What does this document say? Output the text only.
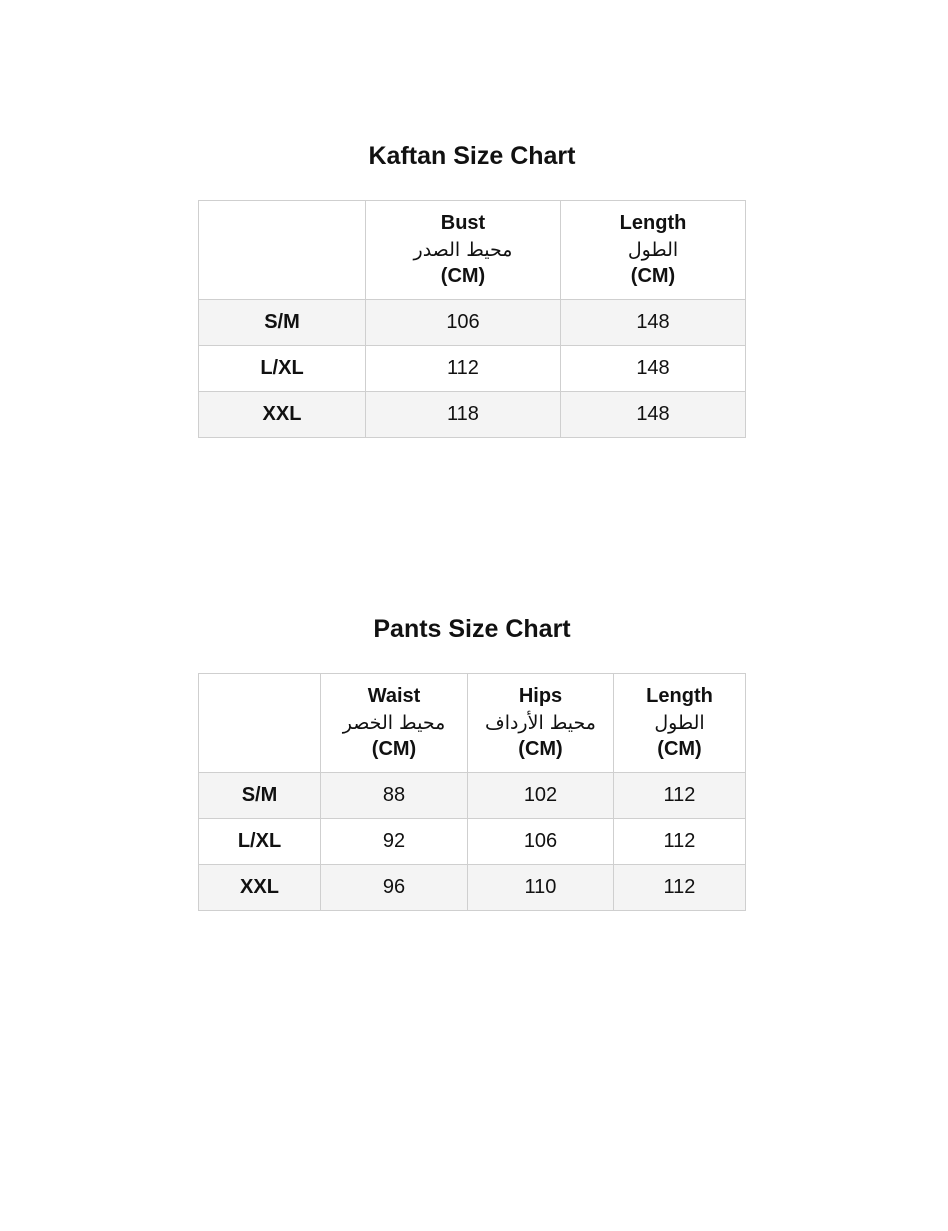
Kaftan Size Chart

	Bust
محيط الصدر
(CM)	Length
الطول
(CM)

S/M	106	148
L/XL	112	148
XXL	118	148
Pants Size Chart

	Waist
محيط الخصر
(CM)	Hips
محيط الأرداف
(CM)	Length
الطول
(CM)

S/M	88	102	112
L/XL	92	106	112
XXL	96	110	112
